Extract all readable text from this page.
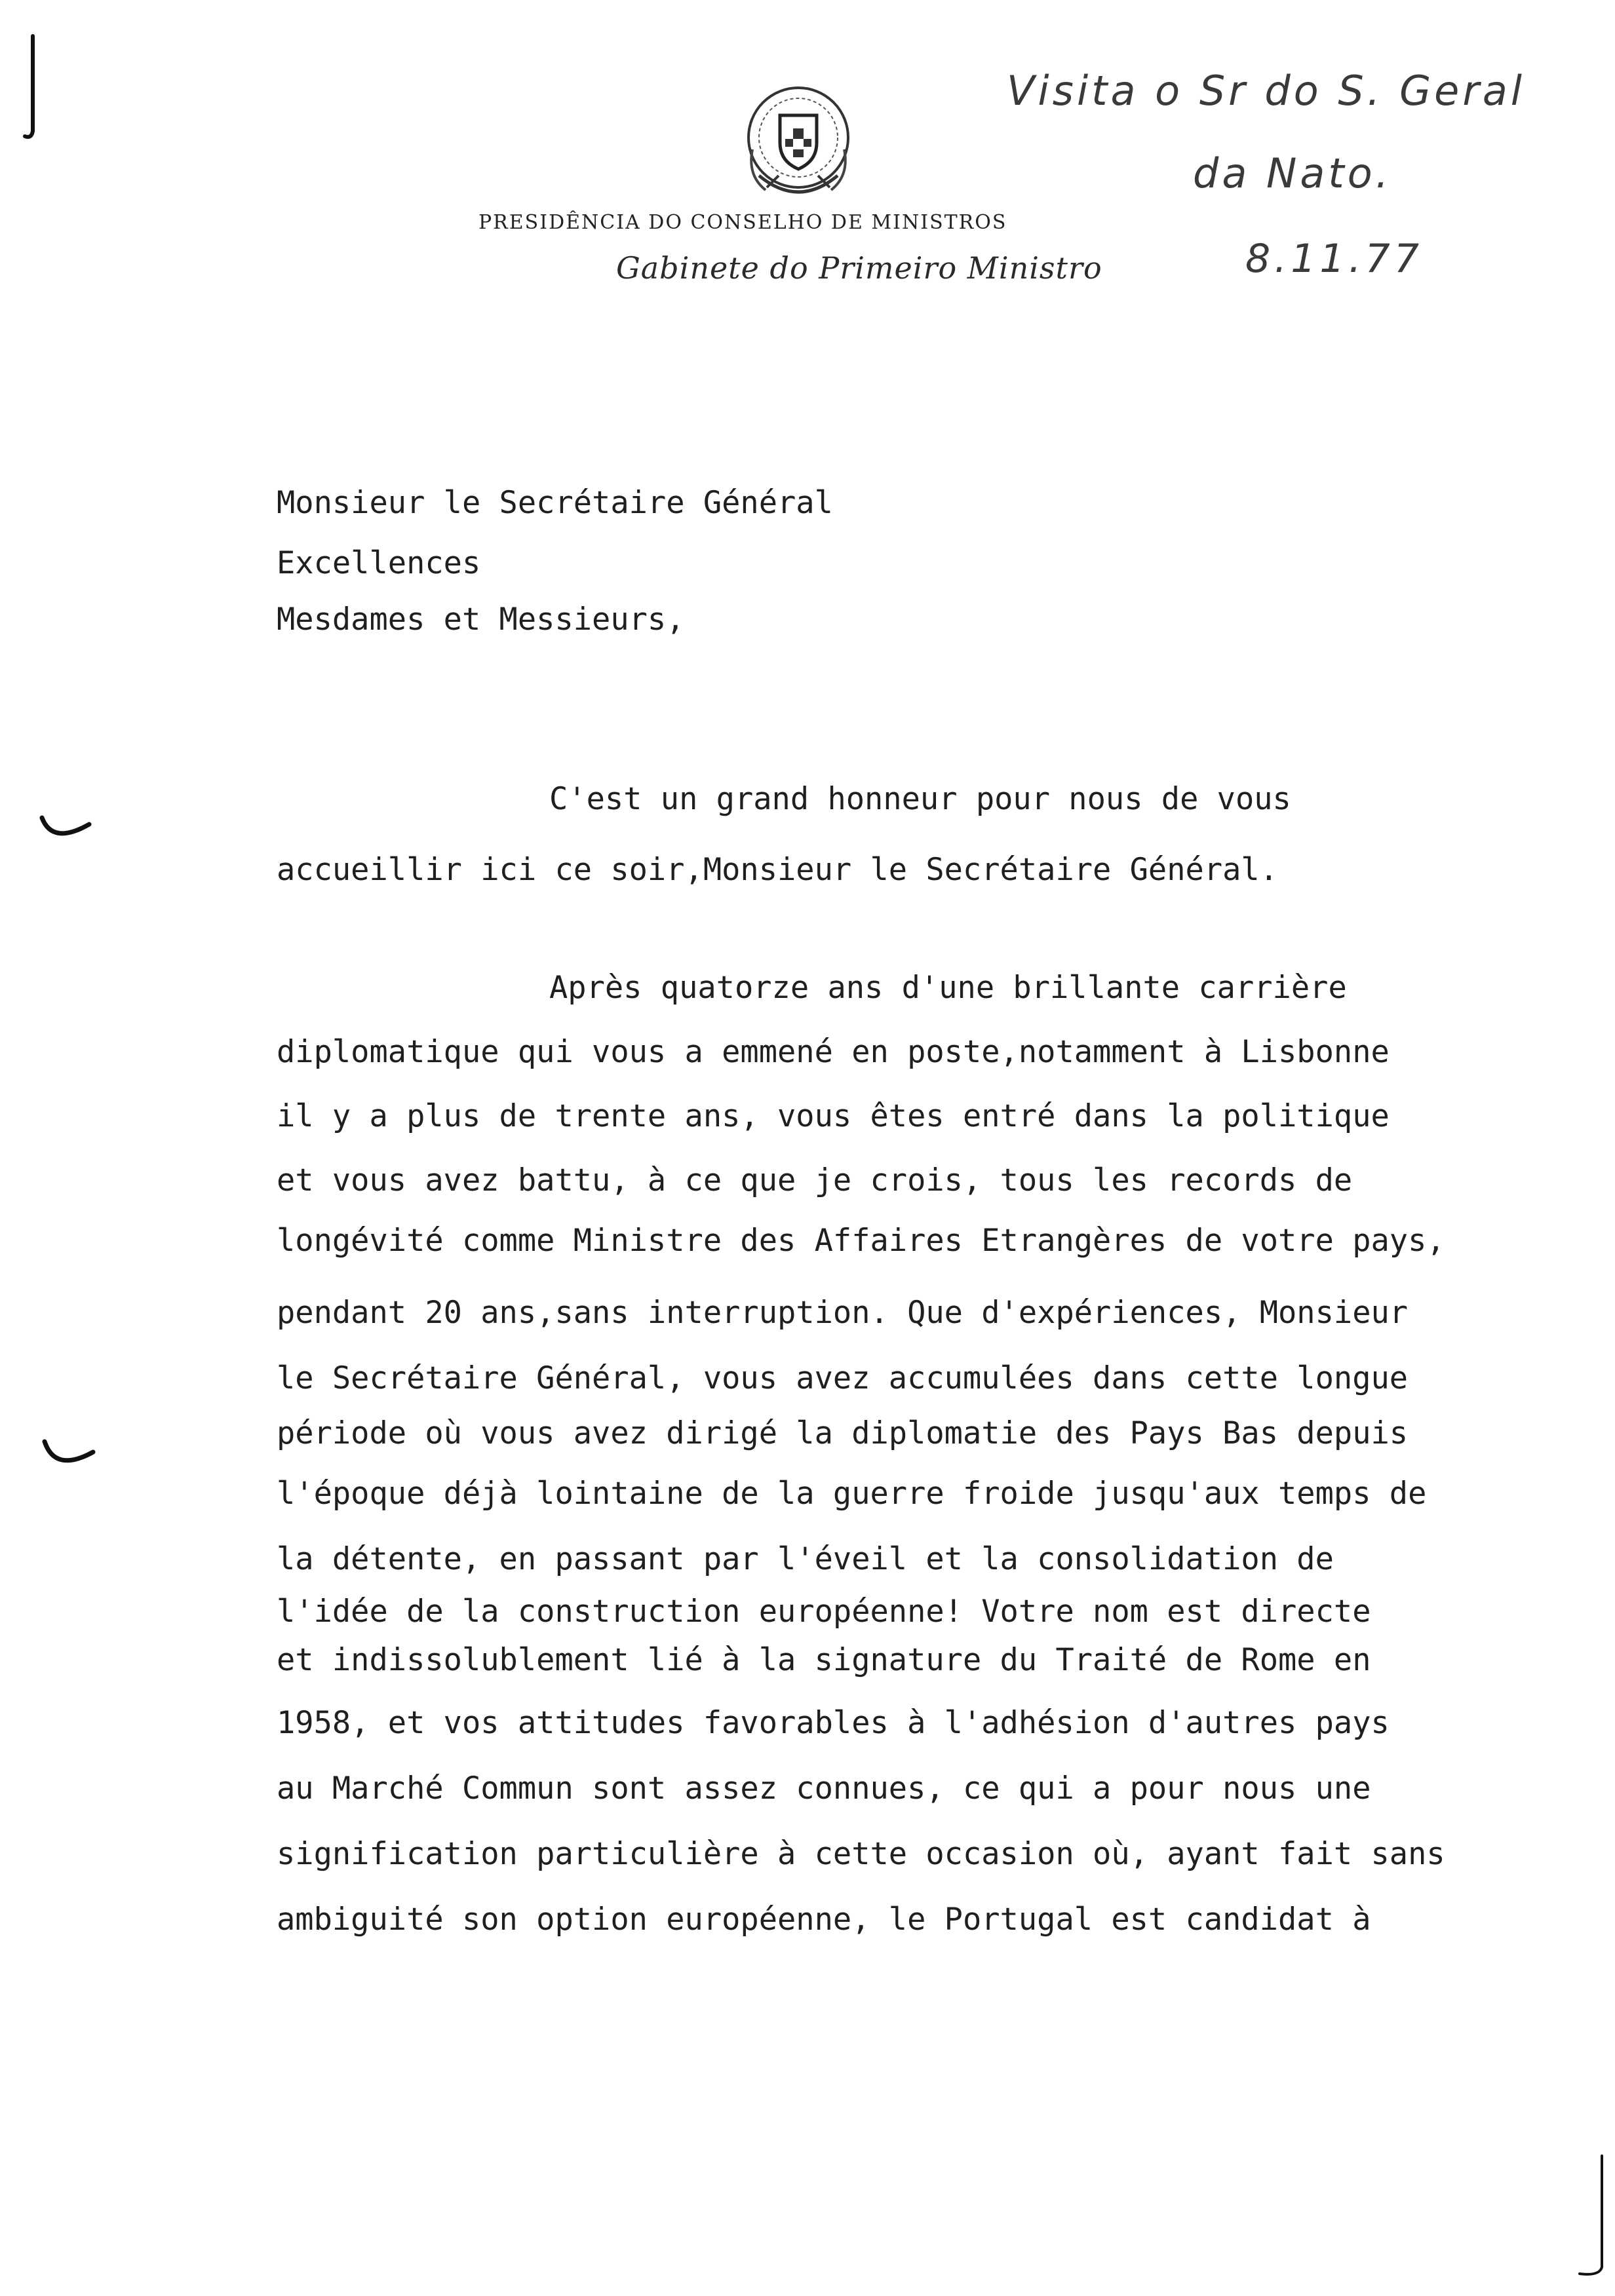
PRESIDÊNCIA DO CONSELHO DE MINISTROS
Gabinete do Primeiro Ministro
Visita o Sr do S. Geral
da Nato.
8.11.77
Monsieur le Secrétaire Général
Excellences
Mesdames et Messieurs,
C'est un grand honneur pour nous de vous
accueillir ici ce soir,Monsieur le Secrétaire Général.
Après quatorze ans d'une brillante carrière
diplomatique qui vous a emmené en poste,notamment à Lisbonne
il y a plus de trente ans, vous êtes entré dans la politique
et vous avez battu, à ce que je crois, tous les records de
longévité comme Ministre des Affaires Etrangères de votre pays,
pendant 20 ans,sans interruption. Que d'expériences, Monsieur
le Secrétaire Général, vous avez accumulées dans cette longue
période où vous avez dirigé la diplomatie des Pays Bas depuis
l'époque déjà lointaine de la guerre froide jusqu'aux temps de
la détente, en passant par l'éveil et la consolidation de
l'idée de la construction européenne! Votre nom est directe
et indissolublement lié à la signature du Traité de Rome en
1958, et vos attitudes favorables à l'adhésion d'autres pays
au Marché Commun sont assez connues, ce qui a pour nous une
signification particulière à cette occasion où, ayant fait sans
ambiguité son option européenne, le Portugal est candidat à
